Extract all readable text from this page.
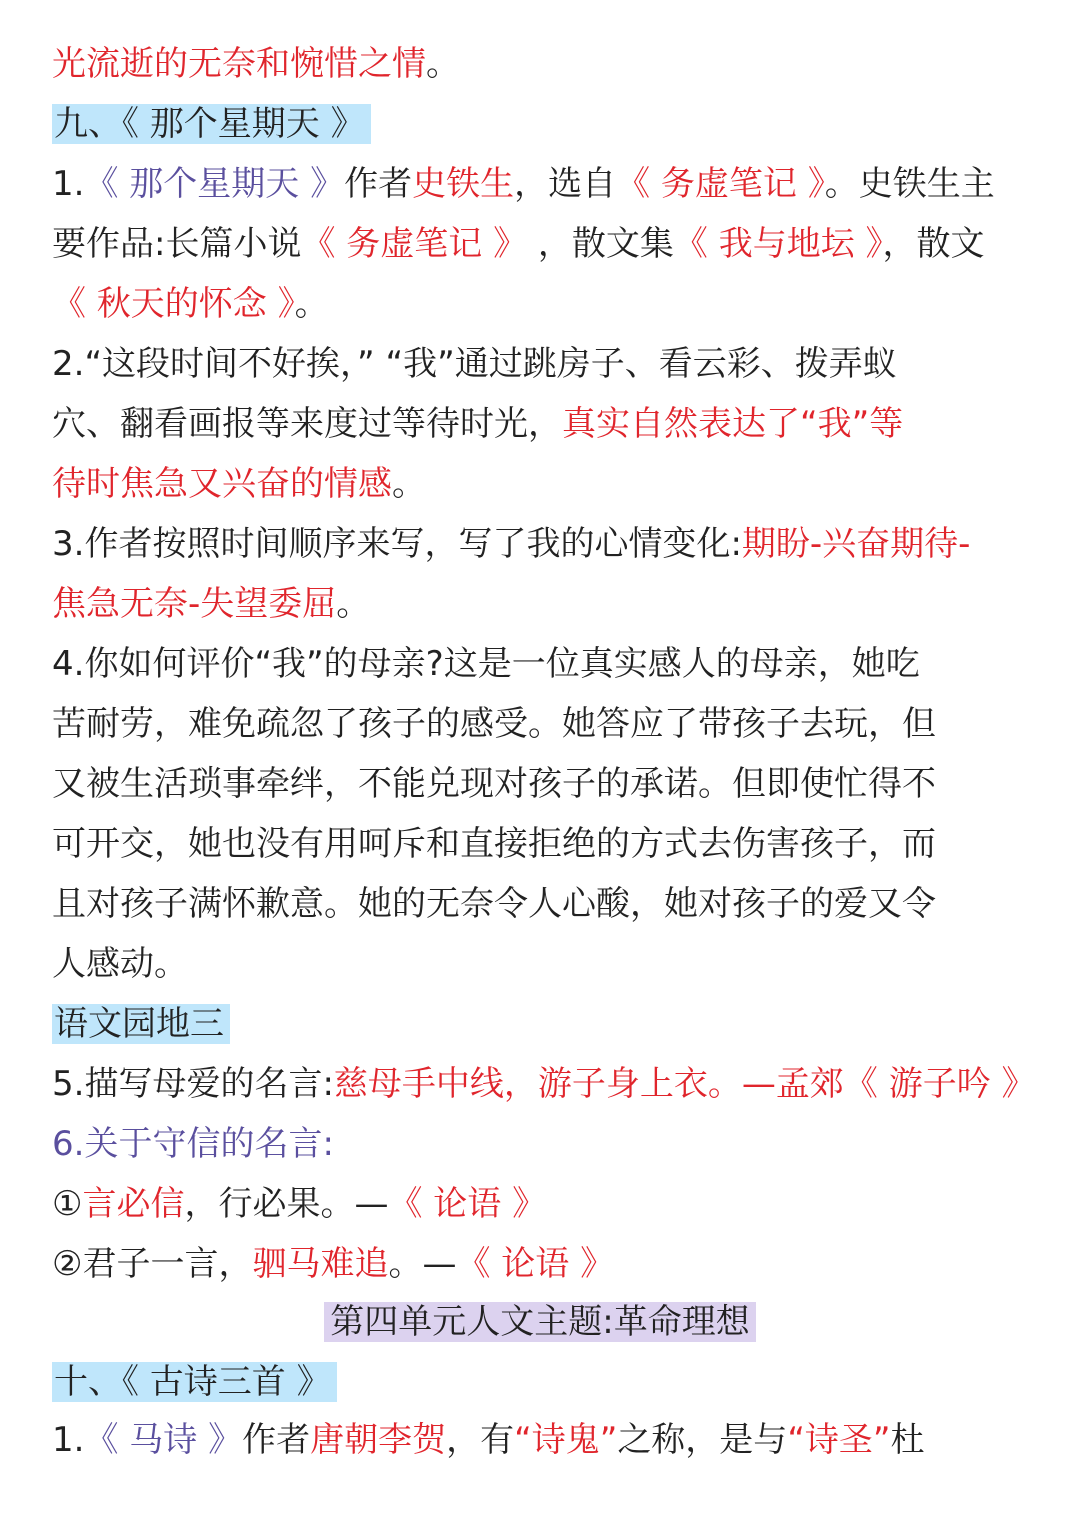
光流逝的无奈和惋惜之情。
九、《 那个星期天 》
1.《 那个星期天 》作者史铁生，选自《 务虚笔记 》。史铁生主
要作品:长篇小说《 务虚笔记 》 ，散文集《 我与地坛 》，散文
《 秋天的怀念 》。
2.“这段时间不好挨，” “我”通过跳房子、看云彩、拨弄蚁
穴、翻看画报等来度过等待时光，真实自然表达了“我”等
待时焦急又兴奋的情感。
3.作者按照时间顺序来写，写了我的心情变化:期盼-兴奋期待-
焦急无奈-失望委屈。
4.你如何评价“我”的母亲?这是一位真实感人的母亲，她吃
苦耐劳，难免疏忽了孩子的感受。她答应了带孩子去玩，但
又被生活琐事牵绊，不能兑现对孩子的承诺。但即使忙得不
可开交，她也没有用呵斥和直接拒绝的方式去伤害孩子，而
且对孩子满怀歉意。她的无奈令人心酸，她对孩子的爱又令
人感动。
语文园地三
5.描写母爱的名言:慈母手中线，游子身上衣。—孟郊《 游子吟 》
6.关于守信的名言:
①言必信，行必果。—《 论语 》
②君子一言，驷马难追。—《 论语 》
第四单元人文主题:革命理想
十、《 古诗三首 》
1.《 马诗 》作者唐朝李贺，有“诗鬼”之称，是与“诗圣”杜
